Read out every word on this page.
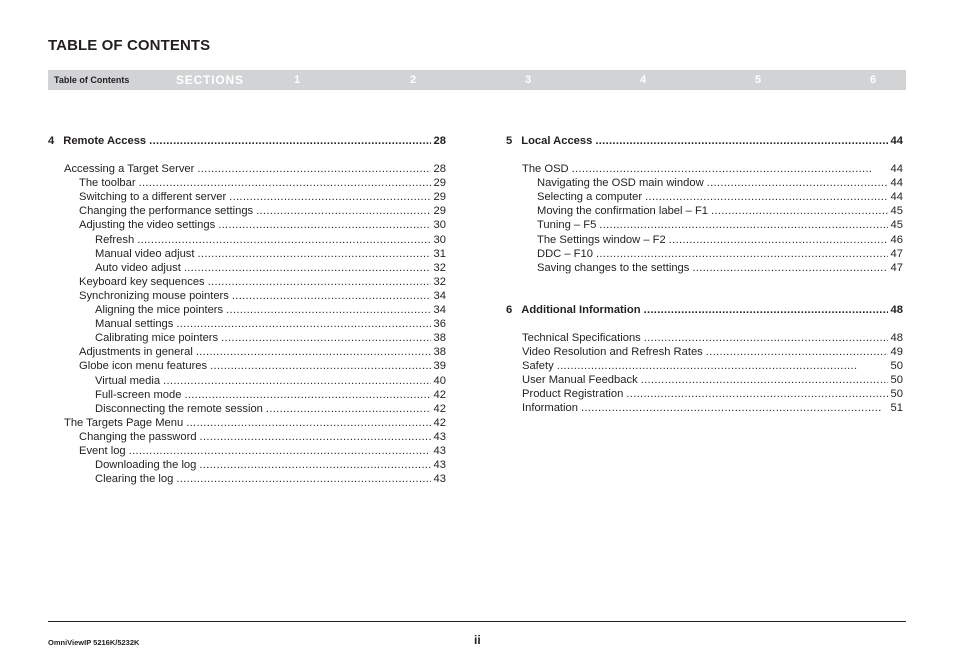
TABLE OF CONTENTS
Table of Contents	SECTIONS	1	2	3	4	5	6
4 Remote Access . . .	28
Accessing a Target Server . . .	28
The toolbar . . .	29
Switching to a different server . . .	29
Changing the performance settings . . .	29
Adjusting the video settings . . .	30
Refresh . . .	30
Manual video adjust . . .	31
Auto video adjust . . .	32
Keyboard key sequences . . .	32
Synchronizing mouse pointers . . .	34
Aligning the mice pointers . . .	34
Manual settings . . .	36
Calibrating mice pointers . . .	38
Adjustments in general . . .	38
Globe icon menu features . . .	39
Virtual media . . .	40
Full-screen mode . . .	42
Disconnecting the remote session . . .	42
The Targets Page Menu . . .	42
Changing the password . . .	43
Event log . . .	43
Downloading the log . . .	43
Clearing the log . . .	43
5 Local Access . . .	44
The OSD . . .	44
Navigating the OSD main window . . .	44
Selecting a computer . . .	44
Moving the confirmation label – F1 . . .	45
Tuning – F5 . . .	45
The Settings window – F2 . . .	46
DDC – F10 . . .	47
Saving changes to the settings . . .	47
6 Additional Information . . .	48
Technical Specifications . . .	48
Video Resolution and Refresh Rates . . .	49
Safety . . .	50
User Manual Feedback . . .	50
Product Registration . . .	50
Information . . .	51
OmniViewIP 5216K/5232K	ii
